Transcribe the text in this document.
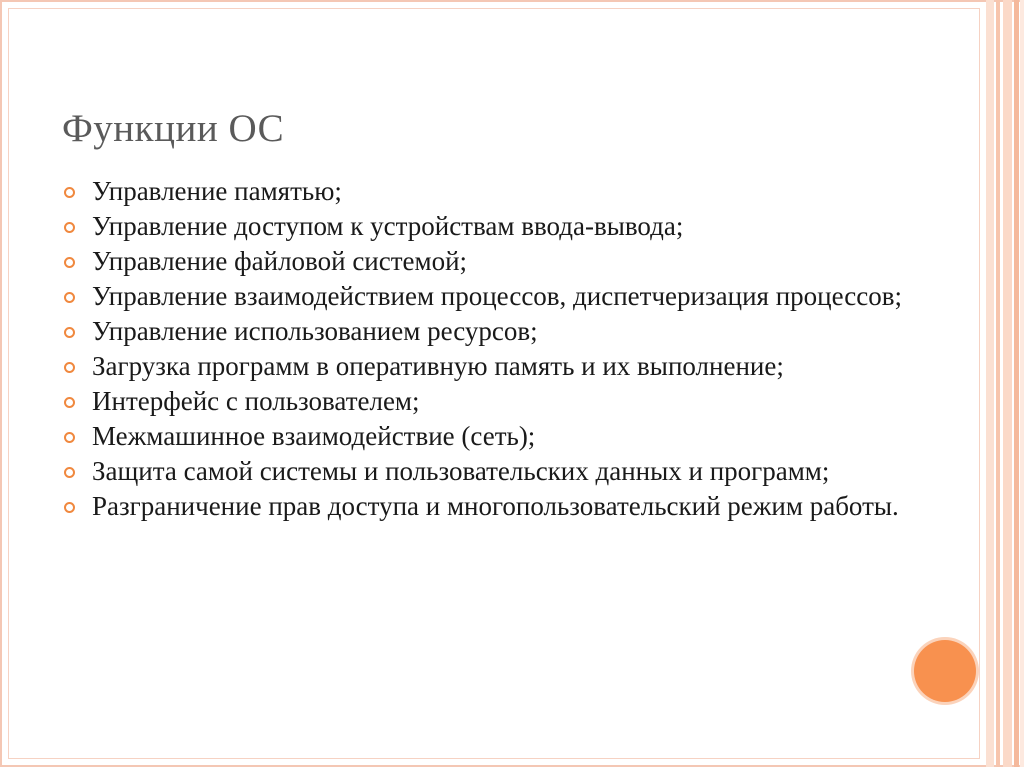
Функции ОС
Управление памятью;
Управление доступом к устройствам ввода-вывода;
Управление файловой системой;
Управление взаимодействием процессов, диспетчеризация процессов;
Управление использованием ресурсов;
Загрузка программ в оперативную память и их выполнение;
Интерфейс с пользователем;
Межмашинное взаимодействие (сеть);
Защита самой системы и пользовательских данных и программ;
Разграничение прав доступа и многопользовательский режим работы.
